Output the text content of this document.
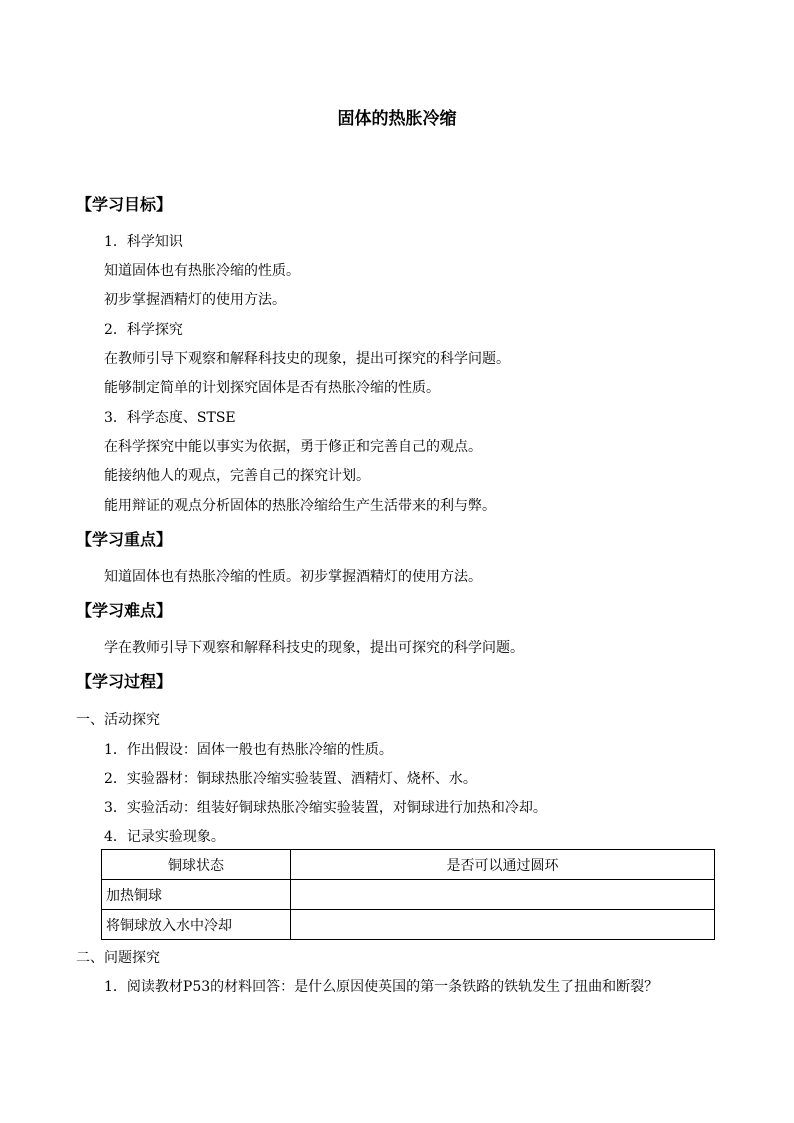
固体的热胀冷缩
【学习目标】
1．科学知识
知道固体也有热胀冷缩的性质。
初步掌握酒精灯的使用方法。
2．科学探究
在教师引导下观察和解释科技史的现象，提出可探究的科学问题。
能够制定简单的计划探究固体是否有热胀冷缩的性质。
3．科学态度、STSE
在科学探究中能以事实为依据，勇于修正和完善自己的观点。
能接纳他人的观点，完善自己的探究计划。
能用辩证的观点分析固体的热胀冷缩给生产生活带来的利与弊。
【学习重点】
知道固体也有热胀冷缩的性质。初步掌握酒精灯的使用方法。
【学习难点】
学在教师引导下观察和解释科技史的现象，提出可探究的科学问题。
【学习过程】
一、活动探究
1．作出假设：固体一般也有热胀冷缩的性质。
2．实验器材：铜球热胀冷缩实验装置、酒精灯、烧杯、水。
3．实验活动：组装好铜球热胀冷缩实验装置，对铜球进行加热和冷却。
4．记录实验现象。
铜球状态	是否可以通过圆环
加热铜球	
将铜球放入水中冷却	
二、问题探究
1．阅读教材P53的材料回答：是什么原因使英国的第一条铁路的铁轨发生了扭曲和断裂？
